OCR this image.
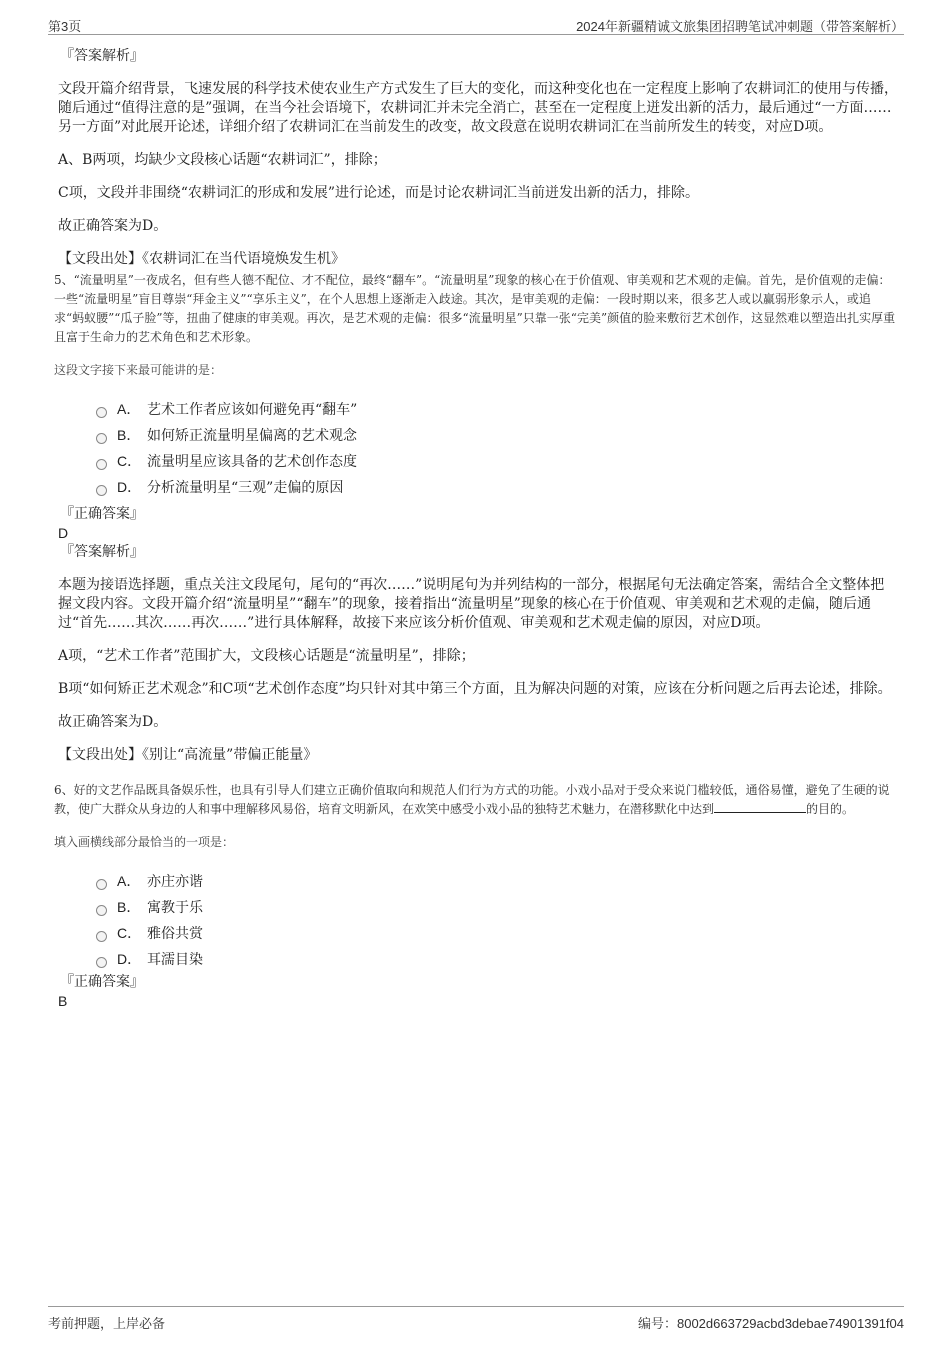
第3页	2024年新疆精诚文旅集团招聘笔试冲刺题（带答案解析）
『答案解析』
文段开篇介绍背景，飞速发展的科学技术使农业生产方式发生了巨大的变化，而这种变化也在一定程度上影响了农耕词汇的使用与传播，随后通过“值得注意的是”强调，在当今社会语境下，农耕词汇并未完全消亡，甚至在一定程度上迸发出新的活力，最后通过“一方面……另一方面”对此展开论述，详细介绍了农耕词汇在当前发生的改变，故文段意在说明农耕词汇在当前所发生的转变，对应D项。
A、B两项，均缺少文段核心话题“农耕词汇”，排除；
C项，文段并非围绕“农耕词汇的形成和发展”进行论述，而是讨论农耕词汇当前迸发出新的活力，排除。
故正确答案为D。
【文段出处】《农耕词汇在当代语境焕发生机》
5、“流量明星”一夜成名，但有些人德不配位、才不配位，最终“翻车”。“流量明星”现象的核心在于价值观、审美观和艺术观的走偏。首先，是价值观的走偏：一些“流量明星”盲目尊崇“拜金主义”“享乐主义”，在个人思想上逐渐走入歧途。其次，是审美观的走偏：一段时期以来，很多艺人或以赢弱形象示人，或追求“蚂蚁腰”“瓜子脸”等，扭曲了健康的审美观。再次，是艺术观的走偏：很多“流量明星”只靠一张“完美”颜值的脸来敷衍艺术创作，这显然难以塑造出扎实厚重且富于生命力的艺术角色和艺术形象。
这段文字接下来最可能讲的是：
A． 艺术工作者应该如何避免再“翻车”
B． 如何矫正流量明星偏离的艺术观念
C． 流量明星应该具备的艺术创作态度
D． 分析流量明星“三观”走偏的原因
『正确答案』
D
『答案解析』
本题为接语选择题，重点关注文段尾句，尾句的“再次……”说明尾句为并列结构的一部分，根据尾句无法确定答案，需结合全文整体把握文段内容。文段开篇介绍“流量明星”“翻车”的现象，接着指出“流量明星”现象的核心在于价值观、审美观和艺术观的走偏，随后通过“首先……其次……再次……”进行具体解释，故接下来应该分析价值观、审美观和艺术观走偏的原因，对应D项。
A项，“艺术工作者”范围扩大，文段核心话题是“流量明星”，排除；
B项“如何矫正艺术观念”和C项“艺术创作态度”均只针对其中第三个方面，且为解决问题的对策，应该在分析问题之后再去论述，排除。
故正确答案为D。
【文段出处】《别让“高流量”带偏正能量》
6、好的文艺作品既具备娱乐性，也具有引导人们建立正确价值取向和规范人们行为方式的功能。小戏小品对于受众来说门槛较低，通俗易懂，避免了生硬的说教，使广大群众从身边的人和事中理解移风易俗，培育文明新风，在欢笑中感受小戏小品的独特艺术魅力，在潜移默化中达到	的目的。
填入画横线部分最恰当的一项是：
A． 亦庄亦谐
B． 寓教于乐
C． 雅俗共赏
D． 耳濡目染
『正确答案』
B
考前押题，上岸必备	编号：8002d663729acbd3debae74901391f04
